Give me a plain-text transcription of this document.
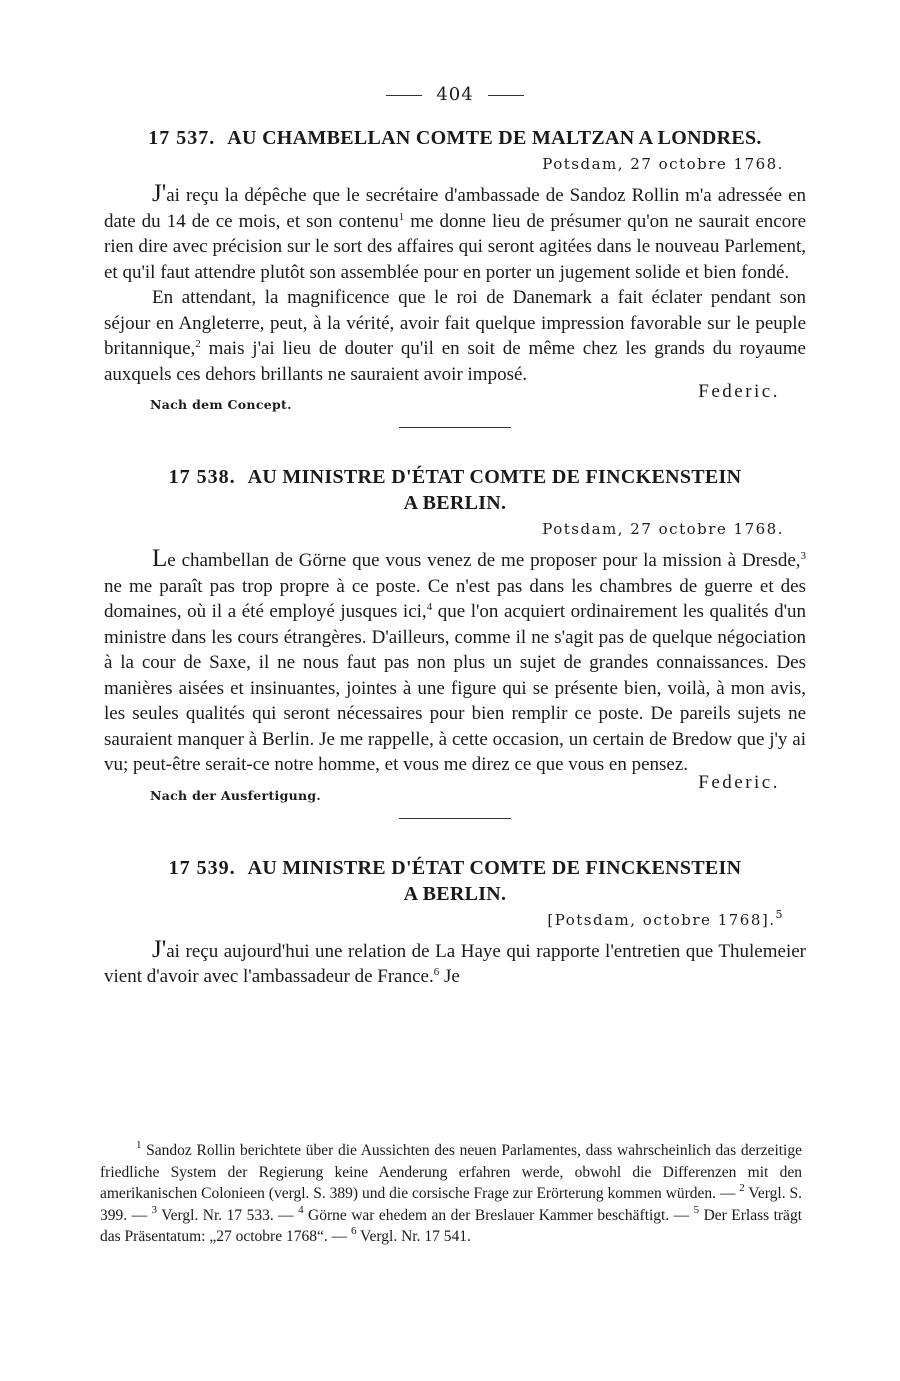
404
17 537. AU CHAMBELLAN COMTE DE MALTZAN A LONDRES.
Potsdam, 27 octobre 1768.

J'ai reçu la dépêche que le secrétaire d'ambassade de Sandoz Rollin m'a adressée en date du 14 de ce mois, et son contenu$^1$ me donne lieu de présumer qu'on ne saurait encore rien dire avec précision sur le sort des affaires qui seront agitées dans le nouveau Parlement, et qu'il faut attendre plutôt son assemblée pour en porter un jugement solide et bien fondé.

En attendant, la magnificence que le roi de Danemark a fait éclater pendant son séjour en Angleterre, peut, à la vérité, avoir fait quelque impression favorable sur le peuple britannique,$^2$ mais j'ai lieu de douter qu'il en soit de même chez les grands du royaume auxquels ces dehors brillants ne sauraient avoir imposé.

Nach dem Concept.
Federic.
17 538. AU MINISTRE D'ÉTAT COMTE DE FINCKENSTEIN
A BERLIN.
Potsdam, 27 octobre 1768.

Le chambellan de Görne que vous venez de me proposer pour la mission à Dresde,$^3$ ne me paraît pas trop propre à ce poste. Ce n'est pas dans les chambres de guerre et des domaines, où il a été employé jusques ici,$^4$ que l'on acquiert ordinairement les qualités d'un ministre dans les cours étrangères. D'ailleurs, comme il ne s'agit pas de quelque négociation à la cour de Saxe, il ne nous faut pas non plus un sujet de grandes connaissances. Des manières aisées et insinuantes, jointes à une figure qui se présente bien, voilà, à mon avis, les seules qualités qui seront nécessaires pour bien remplir ce poste. De pareils sujets ne sauraient manquer à Berlin. Je me rappelle, à cette occasion, un certain de Bredow que j'y ai vu; peut-être serait-ce notre homme, et vous me direz ce que vous en pensez.

Nach der Ausfertigung.
Federic.
17 539. AU MINISTRE D'ÉTAT COMTE DE FINCKENSTEIN
A BERLIN.
[Potsdam, octobre 1768].$^5$

J'ai reçu aujourd'hui une relation de La Haye qui rapporte l'entretien que Thulemeier vient d'avoir avec l'ambassadeur de France.$^6$ Je

$^1$ Sandoz Rollin berichtete über die Aussichten des neuen Parlamentes, dass wahrscheinlich das derzeitige friedliche System der Regierung keine Aenderung erfahren werde, obwohl die Differenzen mit den amerikanischen Colonieen (vergl. S. 389) und die corsische Frage zur Erörterung kommen würden. — $^2$ Vergl. S. 399. — $^3$ Vergl. Nr. 17 533. — $^4$ Görne war ehedem an der Breslauer Kammer beschäftigt. — $^5$ Der Erlass trägt das Präsentatum: „27 octobre 1768“. — $^6$ Vergl. Nr. 17 541.
